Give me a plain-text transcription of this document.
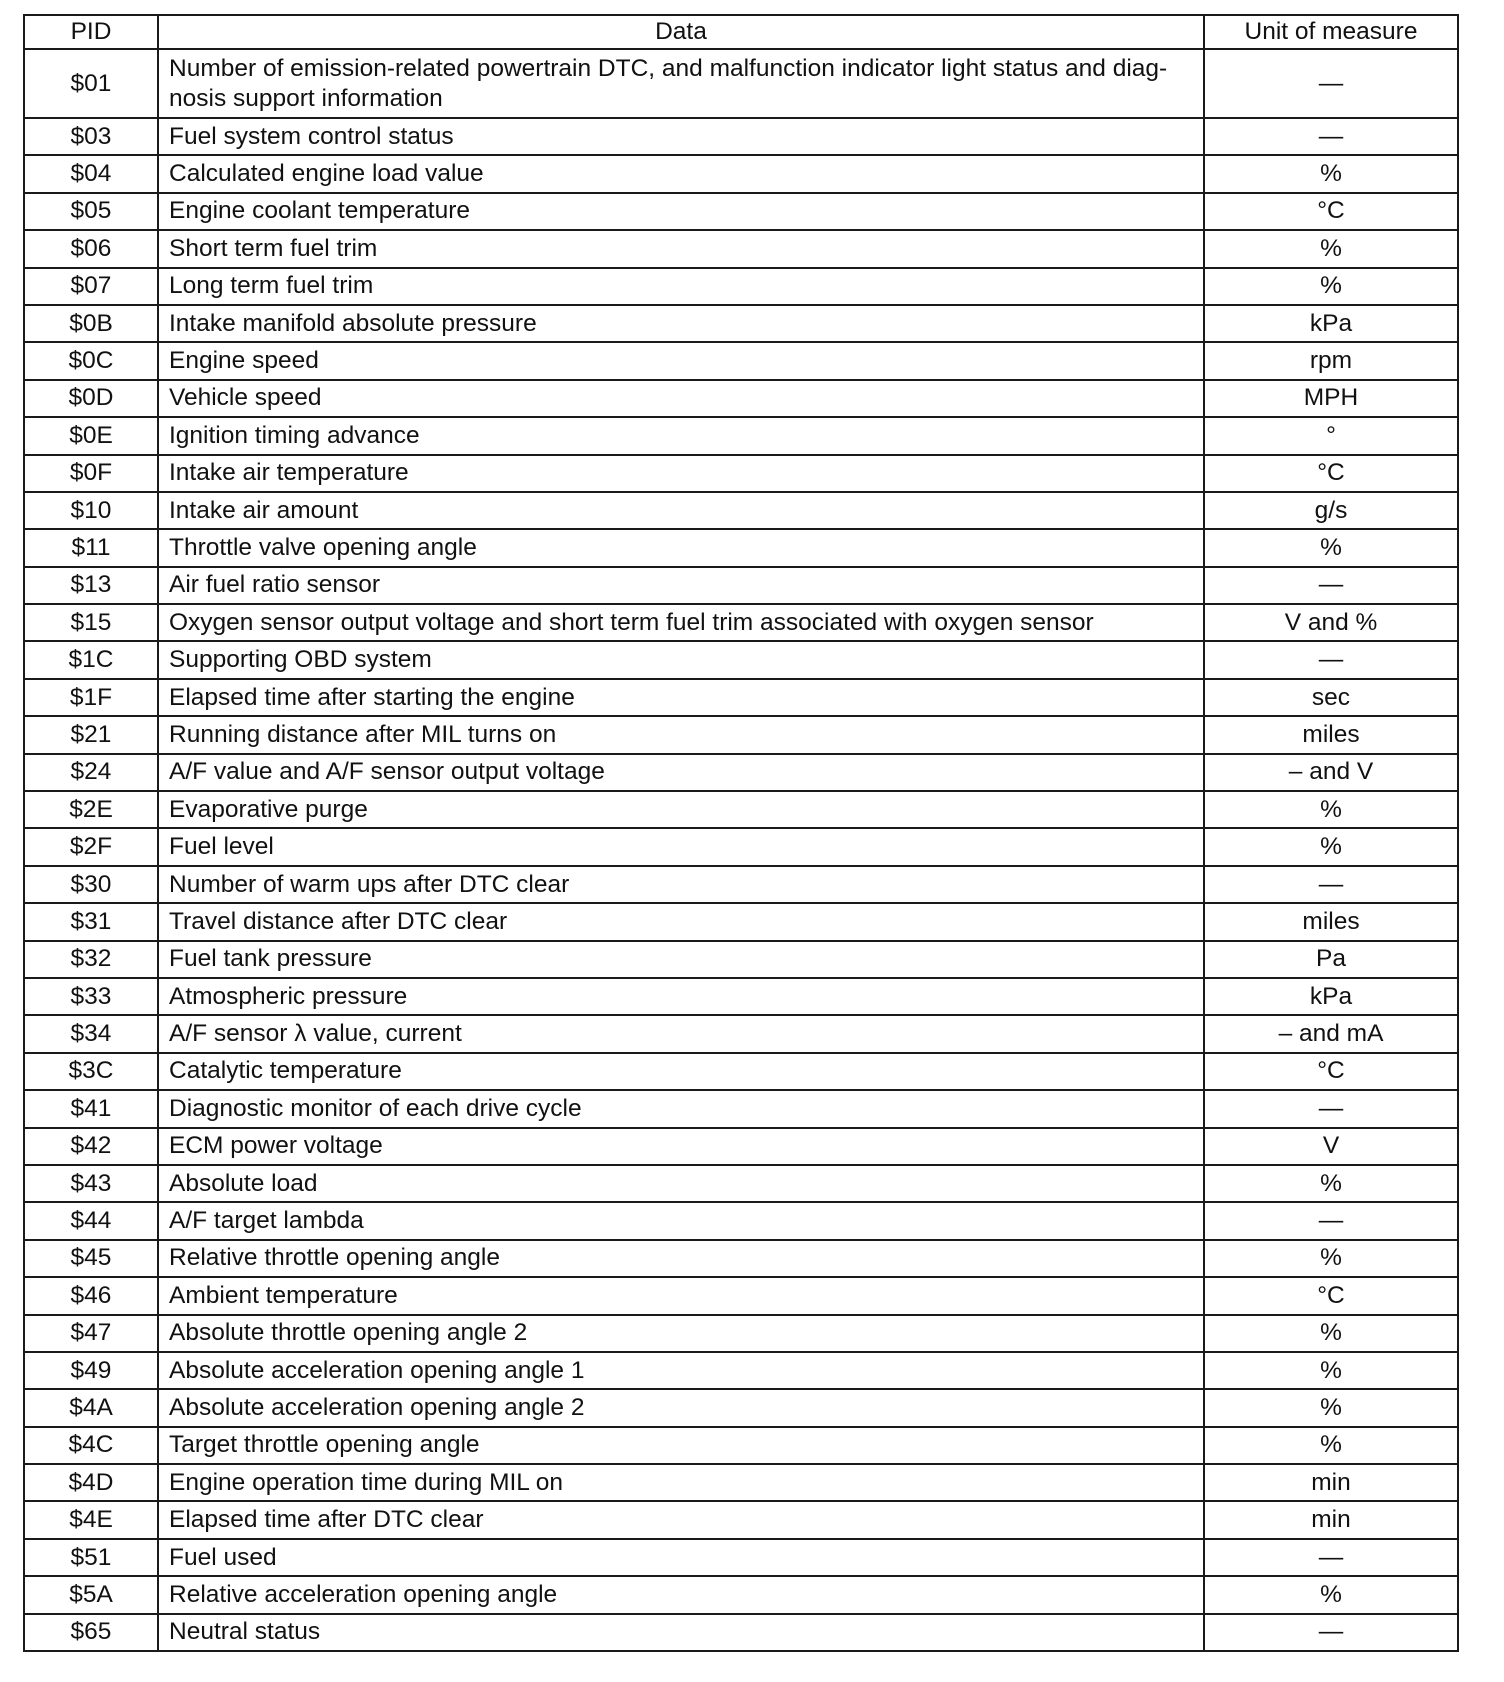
PID	Data	Unit of measure
$01	Number of emission-related powertrain DTC, and malfunction indicator light status and diag- nosis support information	—
$03	Fuel system control status	—
$04	Calculated engine load value	%
$05	Engine coolant temperature	°C
$06	Short term fuel trim	%
$07	Long term fuel trim	%
$0B	Intake manifold absolute pressure	kPa
$0C	Engine speed	rpm
$0D	Vehicle speed	MPH
$0E	Ignition timing advance	°
$0F	Intake air temperature	°C
$10	Intake air amount	g/s
$11	Throttle valve opening angle	%
$13	Air fuel ratio sensor	—
$15	Oxygen sensor output voltage and short term fuel trim associated with oxygen sensor	V and %
$1C	Supporting OBD system	—
$1F	Elapsed time after starting the engine	sec
$21	Running distance after MIL turns on	miles
$24	A/F value and A/F sensor output voltage	– and V
$2E	Evaporative purge	%
$2F	Fuel level	%
$30	Number of warm ups after DTC clear	—
$31	Travel distance after DTC clear	miles
$32	Fuel tank pressure	Pa
$33	Atmospheric pressure	kPa
$34	A/F sensor λ value, current	– and mA
$3C	Catalytic temperature	°C
$41	Diagnostic monitor of each drive cycle	—
$42	ECM power voltage	V
$43	Absolute load	%
$44	A/F target lambda	—
$45	Relative throttle opening angle	%
$46	Ambient temperature	°C
$47	Absolute throttle opening angle 2	%
$49	Absolute acceleration opening angle 1	%
$4A	Absolute acceleration opening angle 2	%
$4C	Target throttle opening angle	%
$4D	Engine operation time during MIL on	min
$4E	Elapsed time after DTC clear	min
$51	Fuel used	—
$5A	Relative acceleration opening angle	%
$65	Neutral status	—
